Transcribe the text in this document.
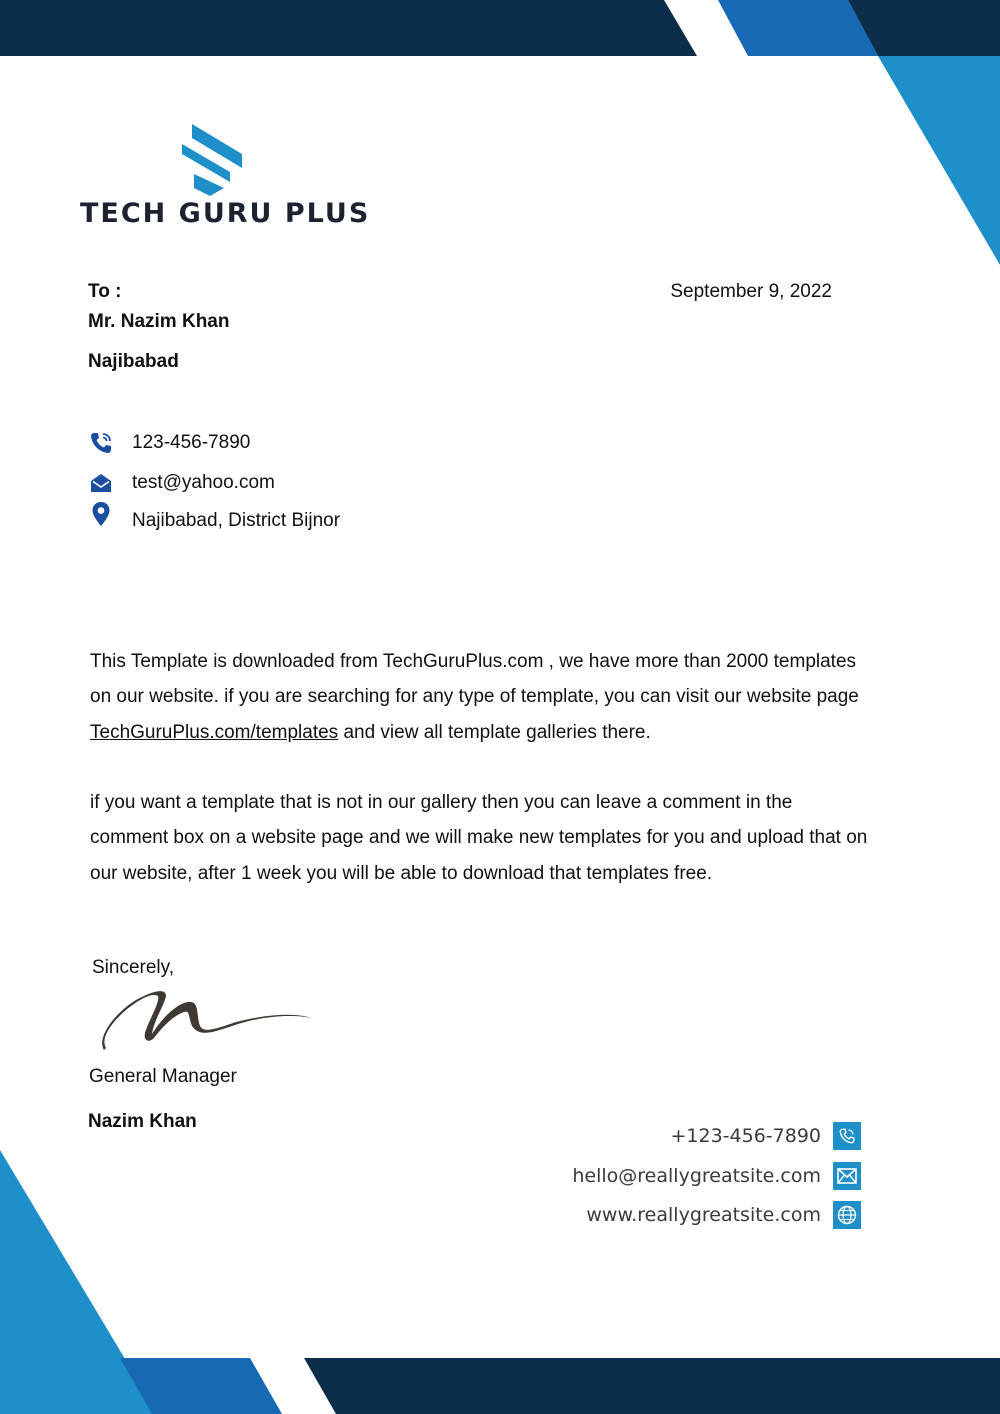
TECH GURU PLUS
To :
Mr. Nazim Khan
Najibabad
September 9, 2022
123-456-7890
test@yahoo.com
Najibabad, District Bijnor
This Template is downloaded from TechGuruPlus.com , we have more than 2000 templates on our website. if you are searching for any type of template, you can visit our website page TechGuruPlus.com/templates and view all template galleries there.
if you want a template that is not in our gallery then you can leave a comment in the comment box on a website page and we will make new templates for you and upload that on our website, after 1 week you will be able to download that templates free.
Sincerely,
General Manager
Nazim Khan
+123-456-7890
hello@reallygreatsite.com
www.reallygreatsite.com
